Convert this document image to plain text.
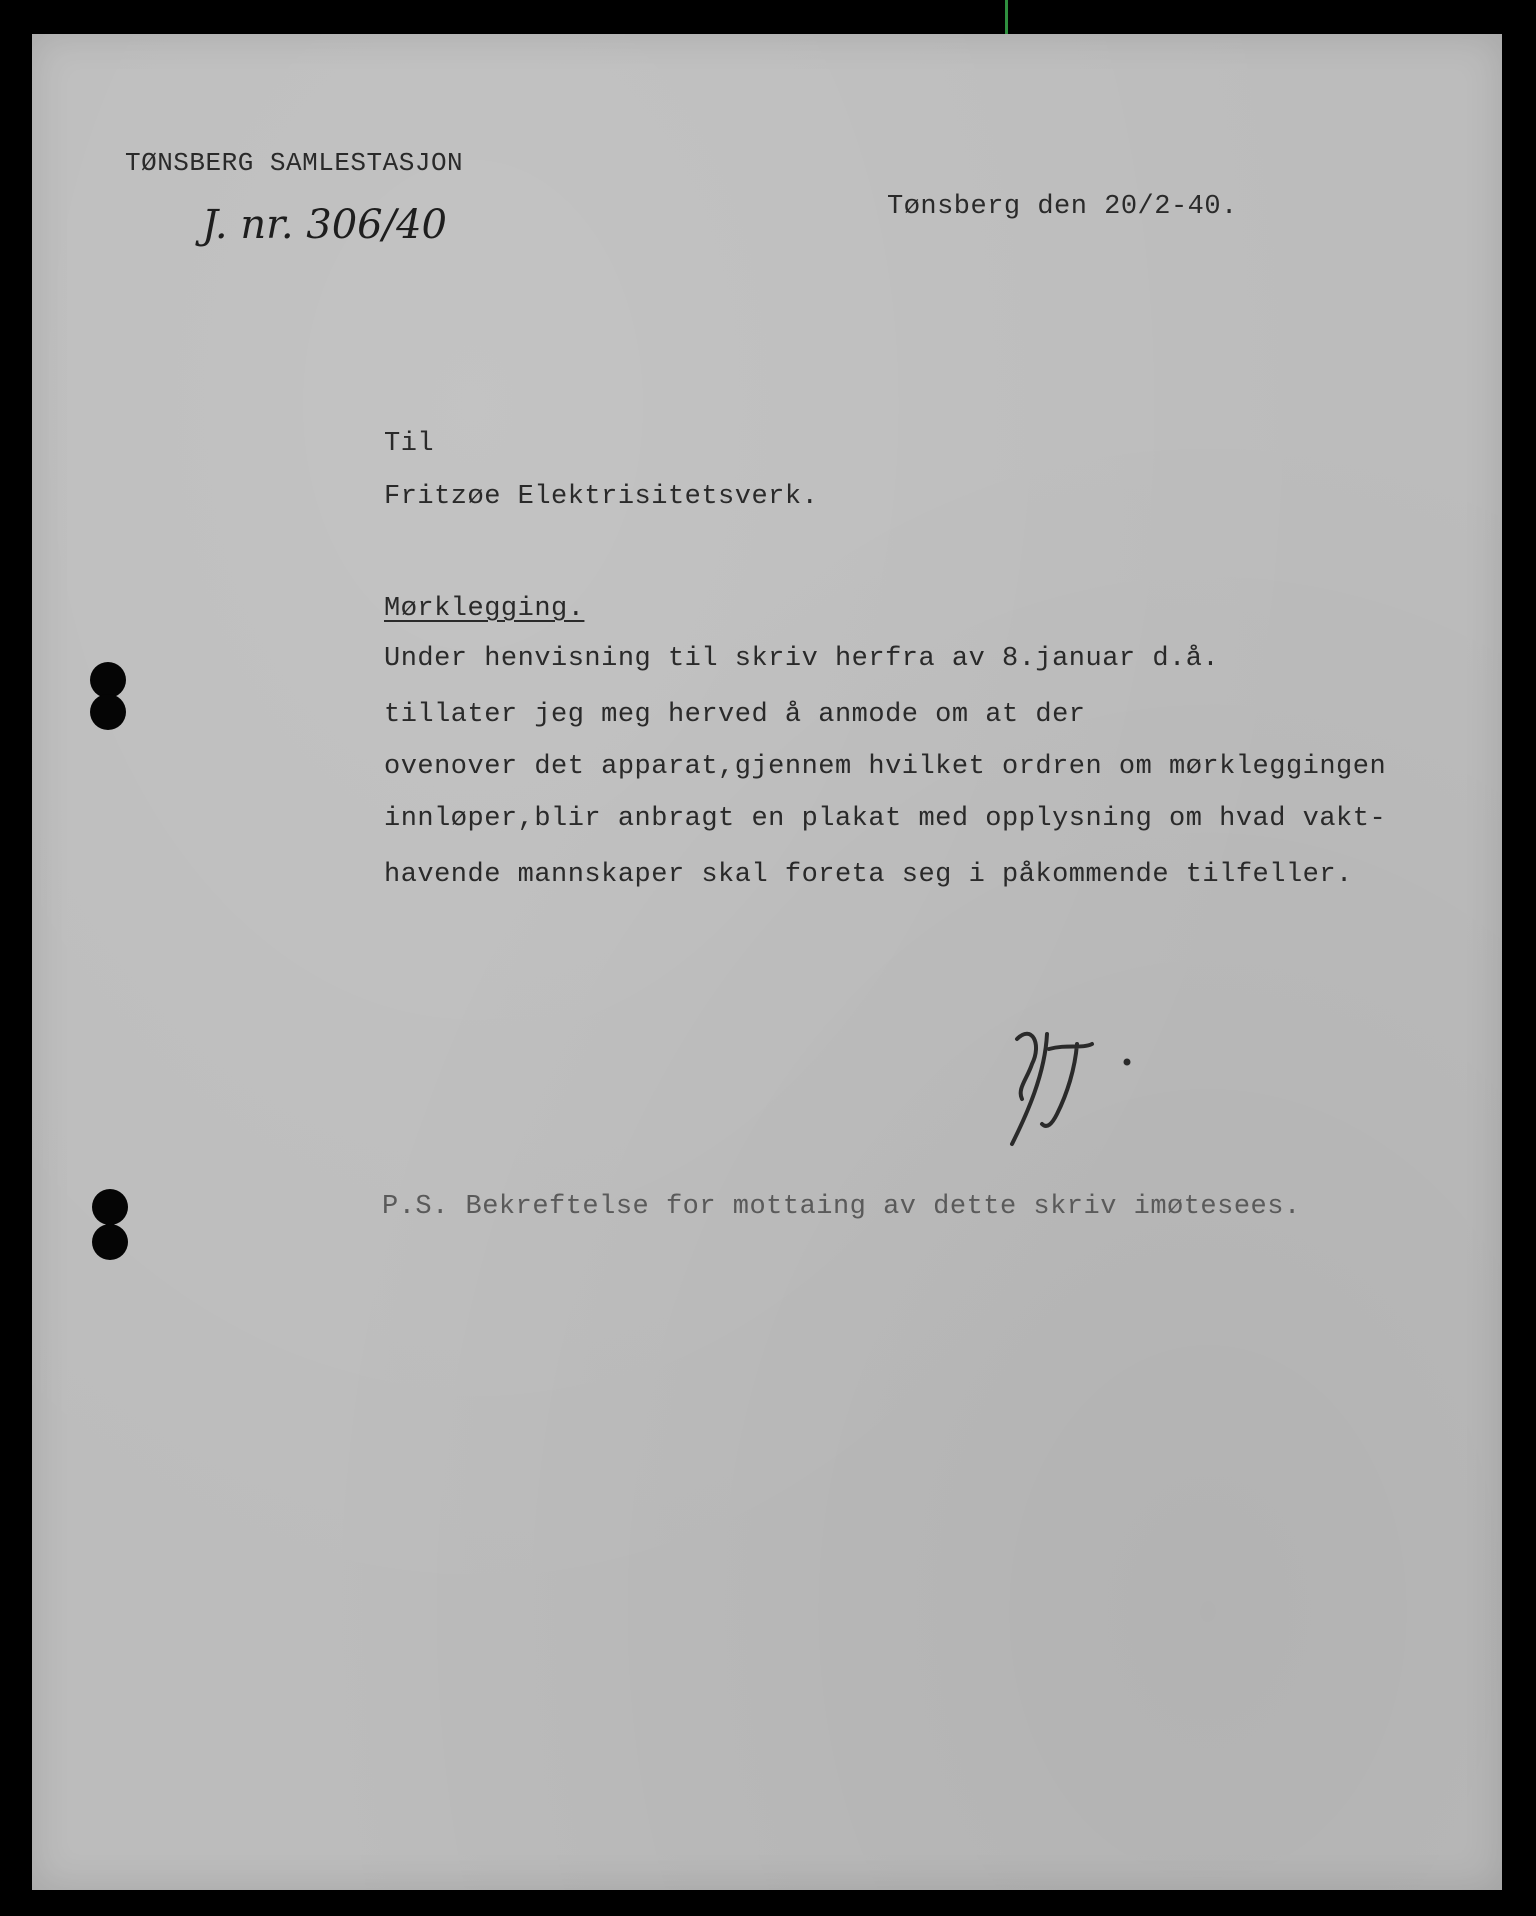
TØNSBERG SAMLESTASJON
J. nr. 306/40	Tønsberg den 20/2-40.
Til
Fritzøe Elektrisitetsverk.
Mørklegging.
Under henvisning til skriv herfra av 8.januar d.å.
tillater jeg meg herved å anmode om at der
ovenover det apparat,gjennem hvilket ordren om mørkleggingen
innløper,blir anbragt en plakat med opplysning om hvad vakt-
havende mannskaper skal foreta seg i påkommende tilfeller.
P.S. Bekreftelse for mottaing av dette skriv imøtesees.
